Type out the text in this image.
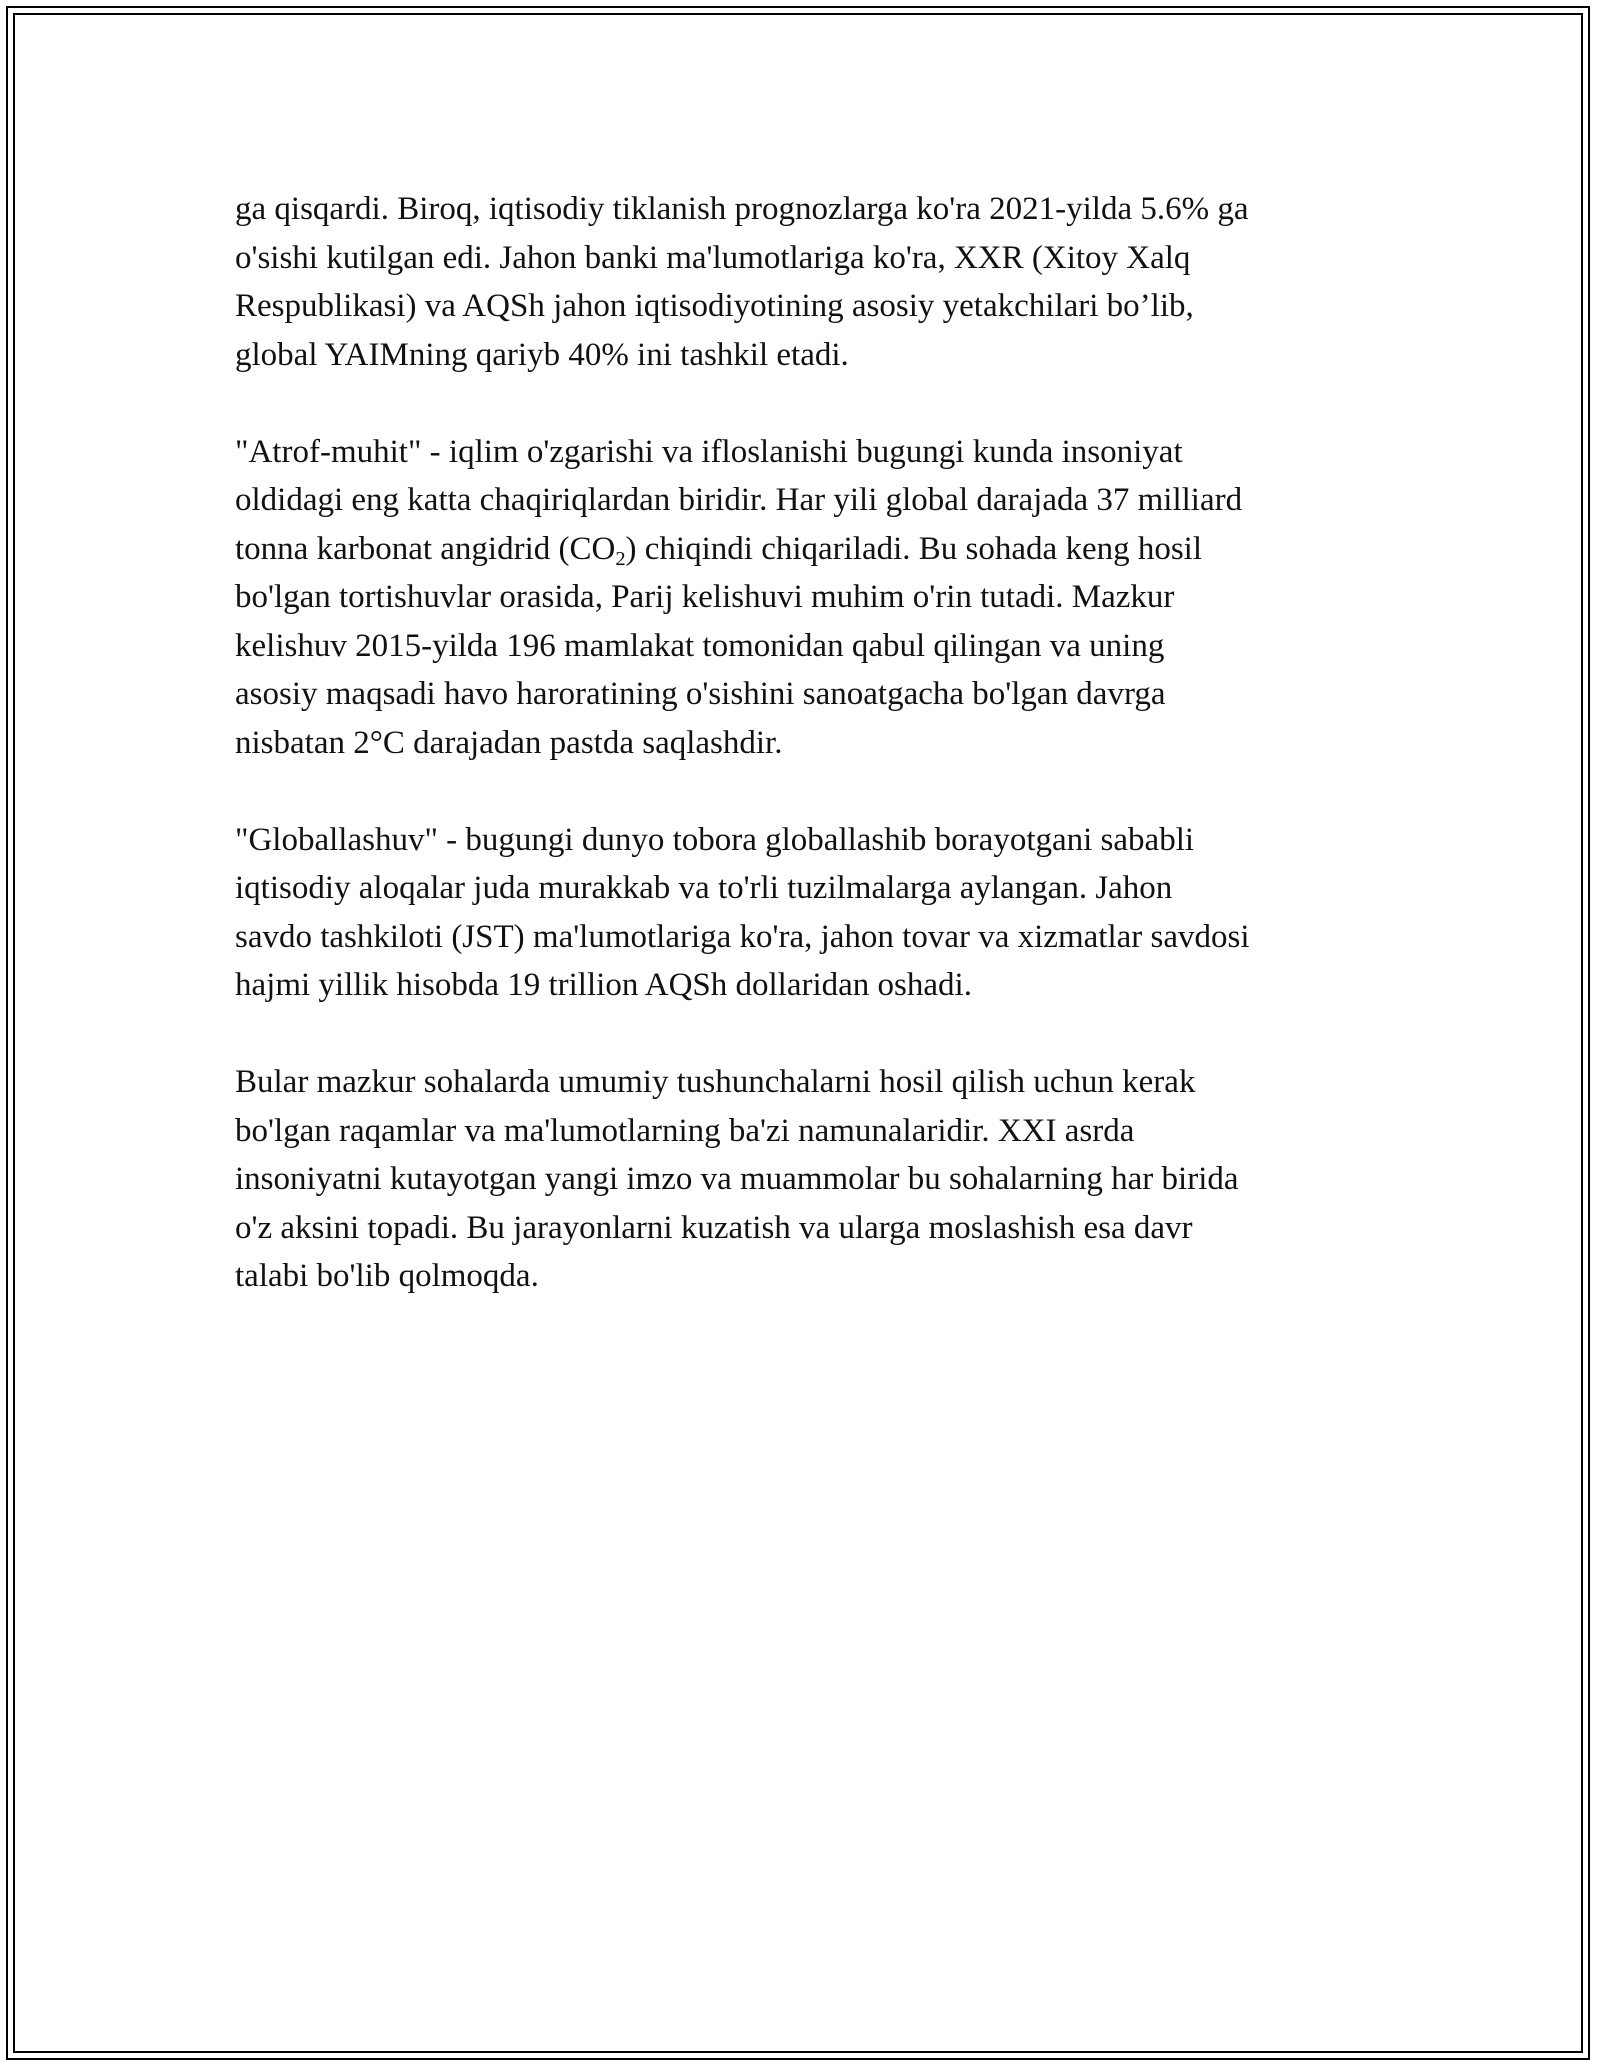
ga qisqardi. Biroq, iqtisodiy tiklanish prognozlarga ko'ra 2021-yilda 5.6% ga
o'sishi kutilgan edi. Jahon banki ma'lumotlariga ko'ra, XXR (Xitoy Xalq
Respublikasi) va AQSh jahon iqtisodiyotining asosiy yetakchilari bo’lib,
global YAIMning qariyb 40% ini tashkil etadi.

"Atrof-muhit" - iqlim o'zgarishi va ifloslanishi bugungi kunda insoniyat
oldidagi eng katta chaqiriqlardan biridir. Har yili global darajada 37 milliard
tonna karbonat angidrid $(CO_2)$ chiqindi chiqariladi. Bu sohada keng hosil
bo'lgan tortishuvlar orasida, Parij kelishuvi muhim o'rin tutadi. Mazkur
kelishuv 2015-yilda 196 mamlakat tomonidan qabul qilingan va uning
asosiy maqsadi havo haroratining o'sishini sanoatgacha bo'lgan davrga
nisbatan 2°C darajadan pastda saqlashdir.

"Globallashuv" - bugungi dunyo tobora globallashib borayotgani sababli
iqtisodiy aloqalar juda murakkab va to'rli tuzilmalarga aylangan. Jahon
savdo tashkiloti (JST) ma'lumotlariga ko'ra, jahon tovar va xizmatlar savdosi
hajmi yillik hisobda 19 trillion AQSh dollaridan oshadi.

Bular mazkur sohalarda umumiy tushunchalarni hosil qilish uchun kerak
bo'lgan raqamlar va ma'lumotlarning ba'zi namunalaridir. XXI asrda
insoniyatni kutayotgan yangi imzo va muammolar bu sohalarning har birida
o'z aksini topadi. Bu jarayonlarni kuzatish va ularga moslashish esa davr
talabi bo'lib qolmoqda.
